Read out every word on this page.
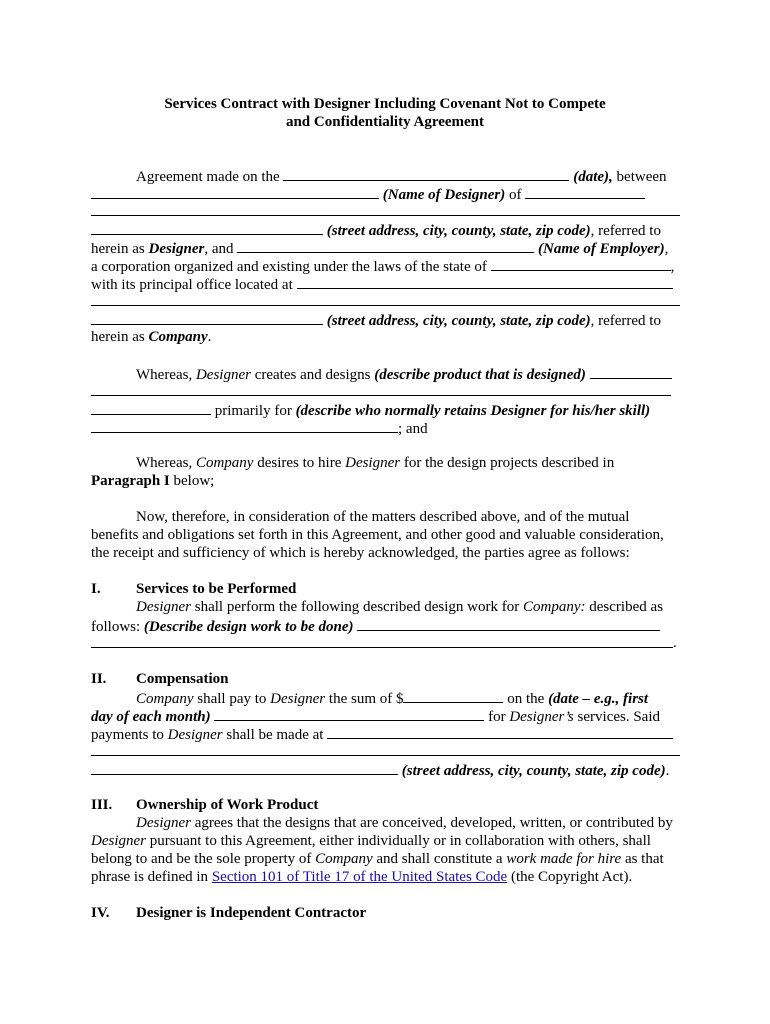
Services Contract with Designer Including Covenant Not to Compete
and Confidentiality Agreement
Agreement made on the	(date), between
(Name of Designer) of
(street address, city, county, state, zip code), referred to
herein as Designer, and	(Name of Employer),
a corporation organized and existing under the laws of the state of	,
with its principal office located at
(street address, city, county, state, zip code), referred to
herein as Company.
Whereas, Designer creates and designs (describe product that is designed)
primarily for (describe who normally retains Designer for his/her skill)
; and
Whereas, Company desires to hire Designer for the design projects described in
Paragraph I below;
Now, therefore, in consideration of the matters described above, and of the mutual
benefits and obligations set forth in this Agreement, and other good and valuable consideration,
the receipt and sufficiency of which is hereby acknowledged, the parties agree as follows:
I. Services to be Performed
Designer shall perform the following described design work for Company: described as
follows: (Describe design work to be done)
.
II. Compensation
Company shall pay to Designer the sum of $	on the (date – e.g., first
day of each month)	for Designer’s services. Said
payments to Designer shall be made at
(street address, city, county, state, zip code).
III. Ownership of Work Product
Designer agrees that the designs that are conceived, developed, written, or contributed by
Designer pursuant to this Agreement, either individually or in collaboration with others, shall
belong to and be the sole property of Company and shall constitute a work made for hire as that
phrase is defined in Section 101 of Title 17 of the United States Code (the Copyright Act).
IV. Designer is Independent Contractor
